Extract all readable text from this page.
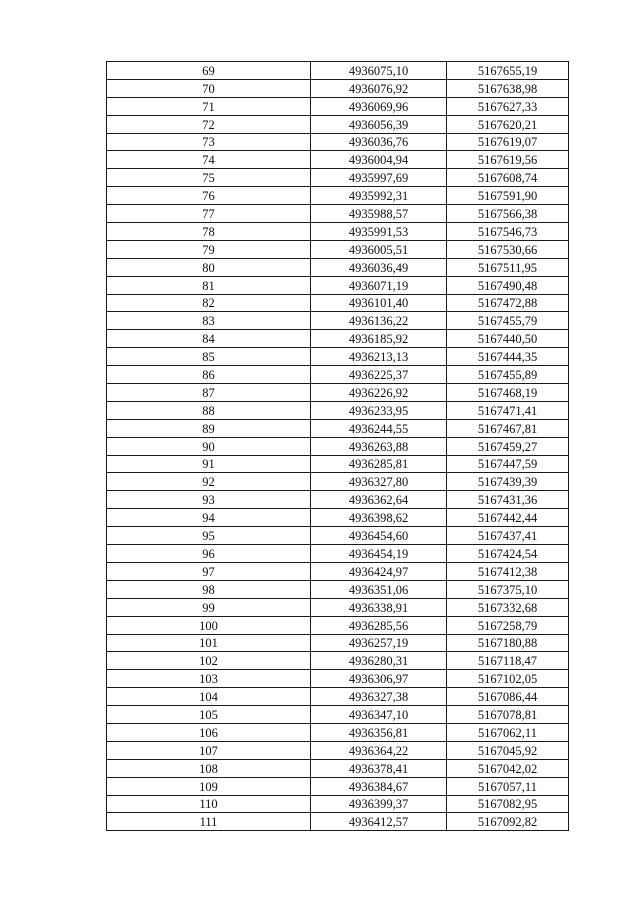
69	4936075,10	5167655,19
70	4936076,92	5167638,98
71	4936069,96	5167627,33
72	4936056,39	5167620,21
73	4936036,76	5167619,07
74	4936004,94	5167619,56
75	4935997,69	5167608,74
76	4935992,31	5167591,90
77	4935988,57	5167566,38
78	4935991,53	5167546,73
79	4936005,51	5167530,66
80	4936036,49	5167511,95
81	4936071,19	5167490,48
82	4936101,40	5167472,88
83	4936136,22	5167455,79
84	4936185,92	5167440,50
85	4936213,13	5167444,35
86	4936225,37	5167455,89
87	4936226,92	5167468,19
88	4936233,95	5167471,41
89	4936244,55	5167467,81
90	4936263,88	5167459,27
91	4936285,81	5167447,59
92	4936327,80	5167439,39
93	4936362,64	5167431,36
94	4936398,62	5167442,44
95	4936454,60	5167437,41
96	4936454,19	5167424,54
97	4936424,97	5167412,38
98	4936351,06	5167375,10
99	4936338,91	5167332,68
100	4936285,56	5167258,79
101	4936257,19	5167180,88
102	4936280,31	5167118,47
103	4936306,97	5167102,05
104	4936327,38	5167086,44
105	4936347,10	5167078,81
106	4936356,81	5167062,11
107	4936364,22	5167045,92
108	4936378,41	5167042,02
109	4936384,67	5167057,11
110	4936399,37	5167082,95
111	4936412,57	5167092,82
